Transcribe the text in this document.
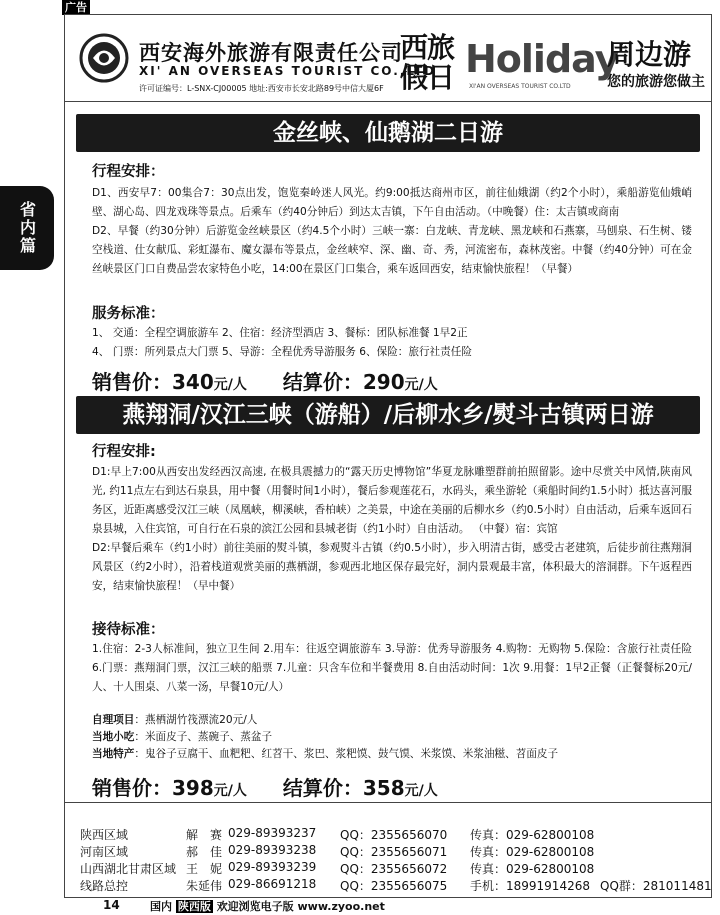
广告
省内篇
西安海外旅游有限责任公司
XI' AN OVERSEAS TOURIST CO.,LTD
许可证编号：L-SNX-CJ00005 地址:西安市长安北路89号中信大厦6F
西旅假日 Holiday
XI'AN OVERSEAS TOURIST CO.LTD
周边游
您的旅游您做主
金丝峡、仙鹅湖二日游
行程安排：

D1、西安早7：00集合7：30点出发，饱览秦岭迷人风光。约9:00抵达商州市区，前往仙娥湖（约2个小时），乘船游览仙娥峭壁、湖心岛、四龙戏珠等景点。后乘车（约40分钟后）到达太吉镇，下午自由活动。（中晚餐）住：太吉镇或商南
D2、早餐（约30分钟）后游览金丝峡景区（约4.5个小时）三峡一寨：白龙峡、青龙峡、黑龙峡和石燕寨，马刨泉、石生树、镂空栈道、仕女献瓜、彩虹瀑布、魔女瀑布等景点，金丝峡窄、深、幽、奇、秀，河流密布，森林茂密。中餐（约40分钟）可在金丝峡景区门口自费品尝农家特色小吃，14:00在景区门口集合，乘车返回西安，结束愉快旅程！（早餐）

服务标准：

1、 交通：全程空调旅游车 2、住宿：经济型酒店 3、餐标：团队标准餐 1早2正
4、 门票：所列景点大门票 5、导游：全程优秀导游服务 6、保险：旅行社责任险

销售价：340元/人 结算价：290元/人
燕翔洞/汉江三峡（游船）/后柳水乡/熨斗古镇两日游
行程安排:

D1:早上7:00从西安出发经西汉高速, 在极具震撼力的“露天历史博物馆”华夏龙脉雕塑群前拍照留影。途中尽赏关中风情,陕南风光, 约11点左右到达石泉县，用中餐（用餐时间1小时），餐后参观莲花石，水码头，乘坐游轮（乘船时间约1.5小时）抵达喜河服务区，近距离感受汉江三峡（凤凰峡，柳溪峡，香柏峡）之美景，中途在美丽的后柳水乡（约0.5小时）自由活动，后乘车返回石泉县城，入住宾馆，可自行在石泉的滨江公园和县城老街（约1小时）自由活动。 （中餐）宿：宾馆
D2:早餐后乘车（约1小时）前往美丽的熨斗镇，参观熨斗古镇（约0.5小时），步入明清古街，感受古老建筑，后徒步前往燕翔洞风景区（约2小时），沿着栈道观赏美丽的燕栖湖，参观西北地区保存最完好，洞内景观最丰富，体积最大的溶洞群。下午返程西安，结束愉快旅程！（早中餐）

接待标准：

1.住宿：2-3人标准间，独立卫生间 2.用车：往返空调旅游车 3.导游：优秀导游服务 4.购物：无购物 5.保险：含旅行社责任险 6.门票：燕翔洞门票，汉江三峡的船票 7.儿童：只含车位和半餐费用 8.自由活动时间：1次 9.用餐：1早2正餐（正餐餐标20元/人、十人围桌、八菜一汤，早餐10元/人）

自理项目：燕栖湖竹筏漂流20元/人
当地小吃：米面皮子、蒸碗子、蒸盆子
当地特产：鬼谷子豆腐干、血粑粑、红苕干、浆巴、浆粑馍、鼓气馍、米浆馍、米浆油糍、苕面皮子
销售价：398元/人 结算价：358元/人
陕西区域	解　赛 029-89393237 QQ：2355656070 传真：029-62800108
河南区域	郝　佳 029-89393238 QQ：2355656071 传真：029-62800108
山西湖北甘肃区域 王　妮 029-89393239 QQ：2355656072 传真：029-62800108
线路总控	朱延伟 029-86691218 QQ：2355656075 手机：18991914268 QQ群：281011481
14	国内 陕西版 欢迎浏览电子版 www.zyoo.net
